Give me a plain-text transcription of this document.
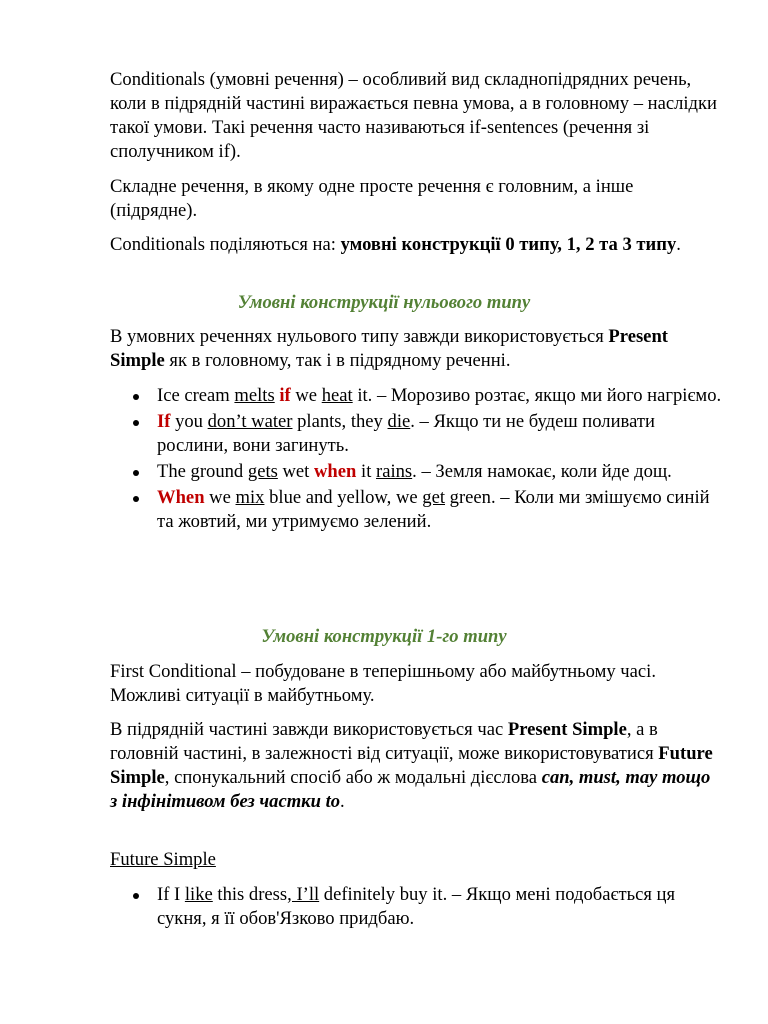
Conditionals (умовні речення) – особливий вид складнопідрядних речень, коли в підрядній частині виражається певна умова, а в головному – наслідки такої умови. Такі речення часто називаються if-sentences (речення зі сполучником if).

Складне речення, в якому одне просте речення є головним, а інше (підрядне).

Conditionals поділяються на: умовні конструкції 0 типу, 1, 2 та 3 типу.

Умовні конструкції нульового типу

В умовних реченнях нульового типу завжди використовується Present Simple як в головному, так і в підрядному реченні.

Ice cream melts if we heat it. – Морозиво розтає, якщо ми його нагріємо.
If you don’t water plants, they die. – Якщо ти не будеш поливати рослини, вони загинуть.
The ground gets wet when it rains. – Земля намокає, коли йде дощ.
When we mix blue and yellow, we get green. – Коли ми змішуємо синій та жовтий, ми утримуємо зелений.
Умовні конструкції 1-го типу

First Conditional – побудоване в теперішньому або майбутньому часі. Можливі ситуації в майбутньому.

В підрядній частині завжди використовується час Present Simple, а в головній частині, в залежності від ситуації, може використовуватися Future Simple, спонукальний спосіб або ж модальні дієслова can, must, may тощо з інфінітивом без частки to.

Future Simple

If I like this dress, I’ll definitely buy it. – Якщо мені подобається ця сукня, я її обов'Язково придбаю.
